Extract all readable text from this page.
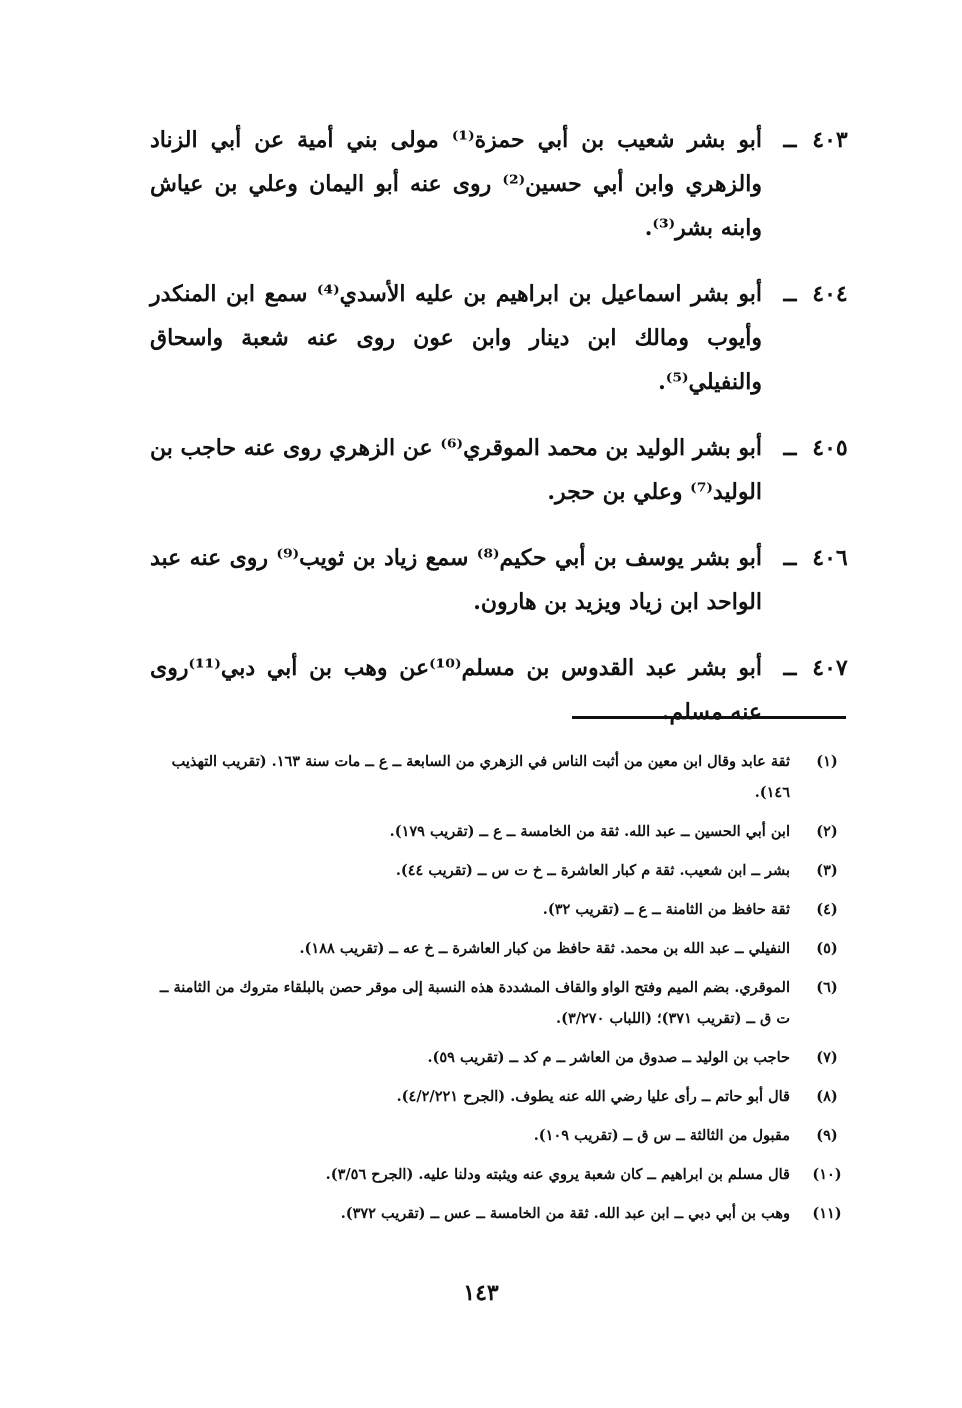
٤٠٣
ــ
أبو بشر شعيب بن أبي حمزة⁽¹⁾ مولى بني أمية عن أبي الزناد والزهري وابن أبي حسين⁽²⁾ روى عنه أبو اليمان وعلي بن عياش وابنه بشر⁽³⁾.
٤٠٤
ــ
أبو بشر اسماعيل بن ابراهيم بن عليه الأسدي⁽⁴⁾ سمع ابن المنكدر وأيوب ومالك ابن دينار وابن عون روى عنه شعبة واسحاق والنفيلي⁽⁵⁾.
٤٠٥
ــ
أبو بشر الوليد بن محمد الموقري⁽⁶⁾ عن الزهري روى عنه حاجب بن الوليد⁽⁷⁾ وعلي بن حجر.
٤٠٦
ــ
أبو بشر يوسف بن أبي حكيم⁽⁸⁾ سمع زياد بن ثويب⁽⁹⁾ روى عنه عبد الواحد ابن زياد ويزيد بن هارون.
٤٠٧
ــ
أبو بشر عبد القدوس بن مسلم⁽¹⁰⁾عن وهب بن أبي دبي⁽¹¹⁾روى عنه مسلم.
(١)
ثقة عابد وقال ابن معين من أثبت الناس في الزهري من السابعة ــ ع ــ مات سنة ١٦٣. (تقريب التهذيب ١٤٦).
(٢)
ابن أبي الحسين ــ عبد الله. ثقة من الخامسة ــ ع ــ (تقريب ١٧٩).
(٣)
بشر ــ ابن شعيب. ثقة م كبار العاشرة ــ خ ت س ــ (تقريب ٤٤).
(٤)
ثقة حافظ من الثامنة ــ ع ــ (تقريب ٣٢).
(٥)
النفيلي ــ عبد الله بن محمد. ثقة حافظ من كبار العاشرة ــ خ عه ــ (تقريب ١٨٨).
(٦)
الموقري. بضم الميم وفتح الواو والقاف المشددة هذه النسبة إلى موقر حصن بالبلقاء متروك من الثامنة ــ ت ق ــ (تقريب ٣٧١)؛ (اللباب ٣/٢٧٠).
(٧)
حاجب بن الوليد ــ صدوق من العاشر ــ م كد ــ (تقريب ٥٩).
(٨)
قال أبو حاتم ــ رأى عليا رضي الله عنه يطوف. (الجرح ٤/٢/٢٢١).
(٩)
مقبول من الثالثة ــ س ق ــ (تقريب ١٠٩).
(١٠)
قال مسلم بن ابراهيم ــ كان شعبة يروي عنه ويثبته ودلنا عليه. (الجرح ٣/٥٦).
(١١)
وهب بن أبي دبي ــ ابن عبد الله. ثقة من الخامسة ــ عس ــ (تقريب ٣٧٢).
١٤٣
